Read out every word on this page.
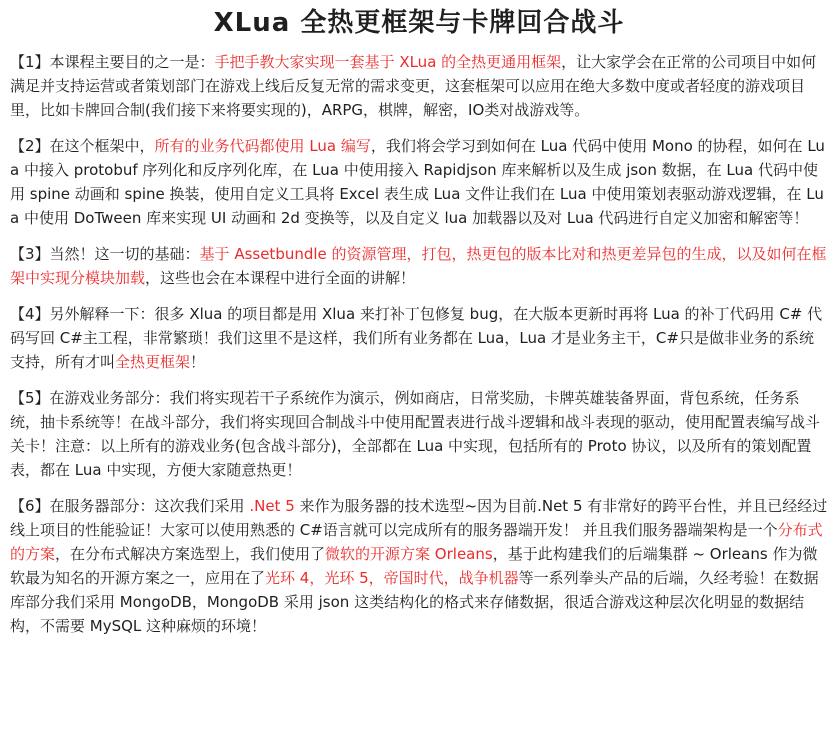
XLua 全热更框架与卡牌回合战斗

【1】本课程主要目的之一是：手把手教大家实现一套基于 XLua 的全热更通用框架，让大家学会在正常的公司项目中如何满足并支持运营或者策划部门在游戏上线后反复无常的需求变更，这套框架可以应用在绝大多数中度或者轻度的游戏项目里，比如卡牌回合制(我们接下来将要实现的)，ARPG，棋牌，解密，IO类对战游戏等。

【2】在这个框架中，所有的业务代码都使用 Lua 编写，我们将会学习到如何在 Lua 代码中使用 Mono 的协程，如何在 Lua 中接入 protobuf 序列化和反序列化库，在 Lua 中使用接入 Rapidjson 库来解析以及生成 json 数据，在 Lua 代码中使用 spine 动画和 spine 换装，使用自定义工具将 Excel 表生成 Lua 文件让我们在 Lua 中使用策划表驱动游戏逻辑，在 Lua 中使用 DoTween 库来实现 UI 动画和 2d 变换等，以及自定义 lua 加载器以及对 Lua 代码进行自定义加密和解密等！

【3】当然！这一切的基础：基于 Assetbundle 的资源管理，打包，热更包的版本比对和热更差异包的生成，以及如何在框架中实现分模块加载，这些也会在本课程中进行全面的讲解！

【4】另外解释一下：很多 Xlua 的项目都是用 Xlua 来打补丁包修复 bug，在大版本更新时再将 Lua 的补丁代码用 C# 代码写回 C#主工程，非常繁琐！我们这里不是这样，我们所有业务都在 Lua，Lua 才是业务主干，C#只是做非业务的系统支持，所有才叫全热更框架！

【5】在游戏业务部分：我们将实现若干子系统作为演示，例如商店，日常奖励，卡牌英雄装备界面，背包系统，任务系统，抽卡系统等！在战斗部分，我们将实现回合制战斗中使用配置表进行战斗逻辑和战斗表现的驱动，使用配置表编写战斗关卡！注意：以上所有的游戏业务(包含战斗部分)，全部都在 Lua 中实现，包括所有的 Proto 协议，以及所有的策划配置表，都在 Lua 中实现，方便大家随意热更！

【6】在服务器部分：这次我们采用 .Net 5 来作为服务器的技术选型~因为目前.Net 5 有非常好的跨平台性，并且已经经过线上项目的性能验证！大家可以使用熟悉的 C#语言就可以完成所有的服务器端开发！ 并且我们服务器端架构是一个分布式的方案，在分布式解决方案选型上，我们使用了微软的开源方案 Orleans，基于此构建我们的后端集群 ~ Orleans 作为微软最为知名的开源方案之一，应用在了光环 4，光环 5，帝国时代，战争机器等一系列拳头产品的后端，久经考验！在数据库部分我们采用 MongoDB，MongoDB 采用 json 这类结构化的格式来存储数据，很适合游戏这种层次化明显的数据结构，不需要 MySQL 这种麻烦的环境！
